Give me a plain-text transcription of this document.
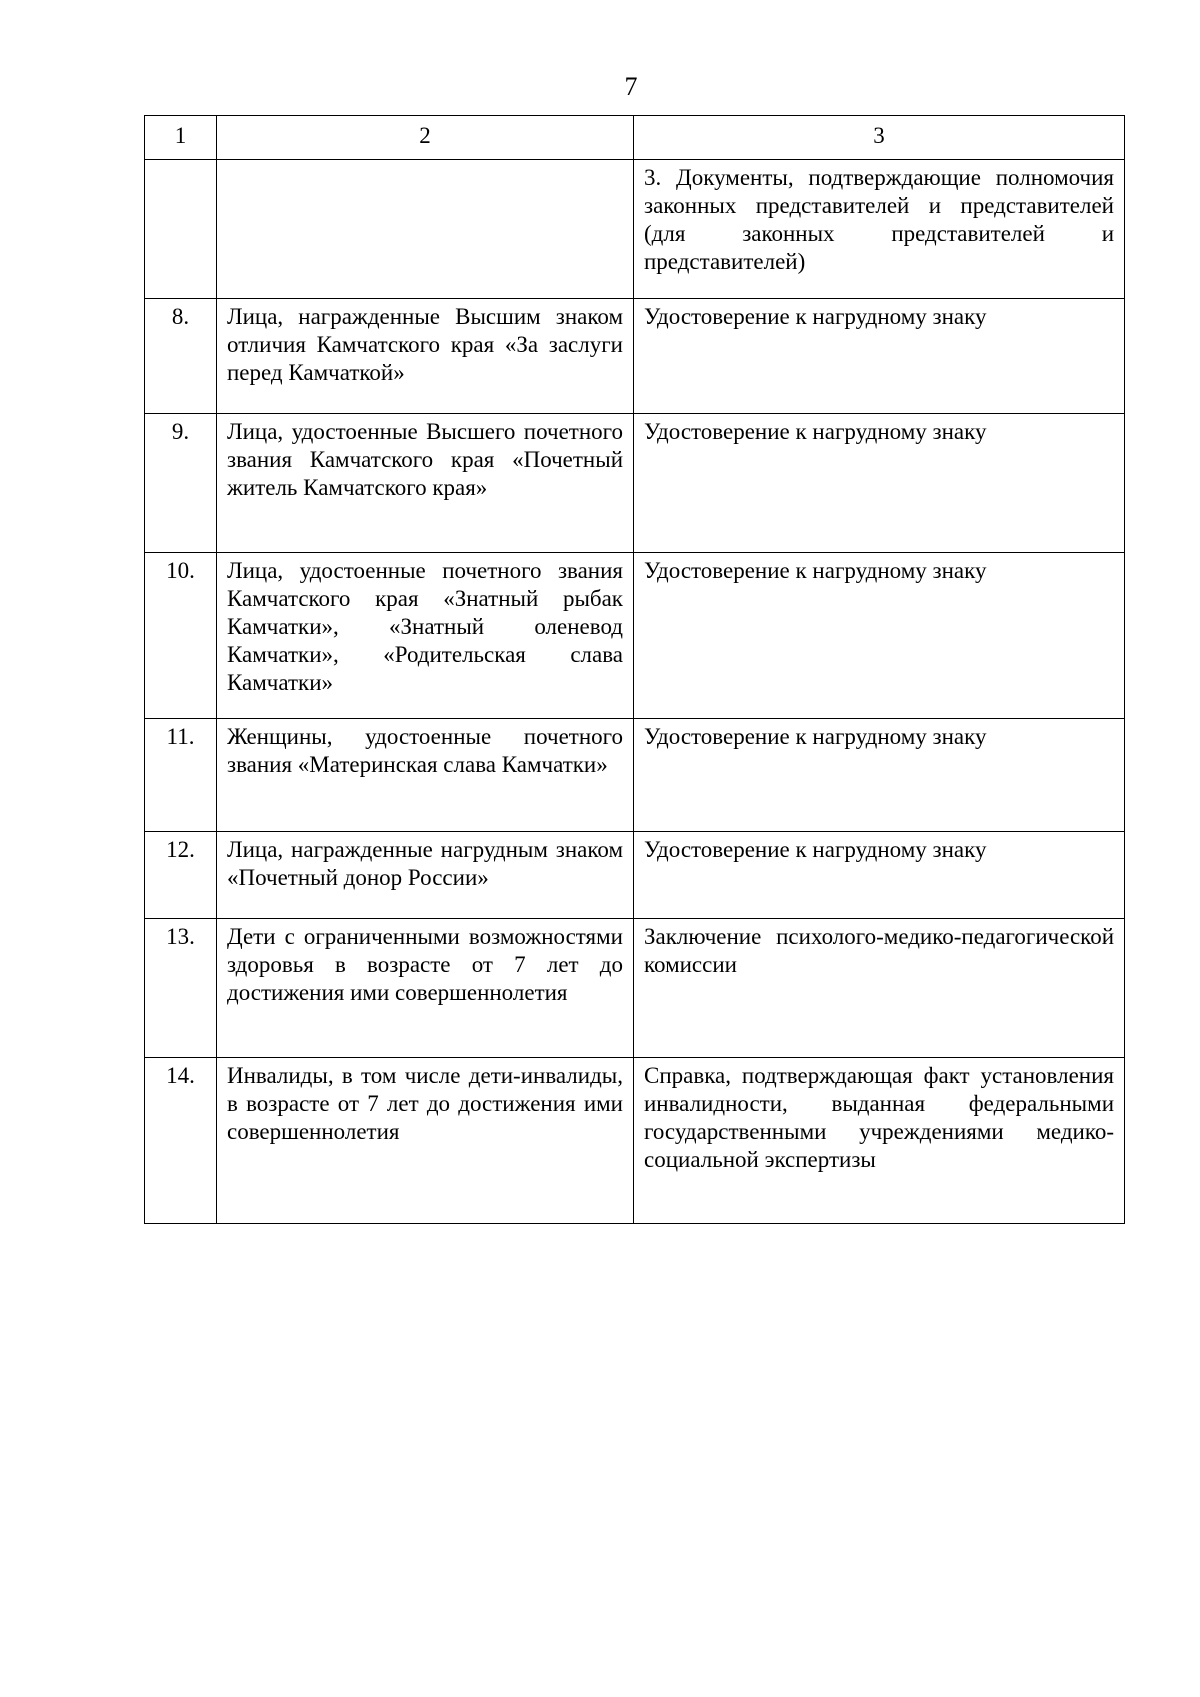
7
1	2	3
		3. Документы, подтверждающие полномочия законных представителей и представителей (для законных представителей и представителей)
8.	Лица, награжденные Высшим знаком отличия Камчатского края «За заслуги перед Камчаткой»	Удостоверение к нагрудному знаку
9.	Лица, удостоенные Высшего почетного звания Камчатского края «Почетный житель Камчатского края»	Удостоверение к нагрудному знаку
10.	Лица, удостоенные почетного звания Камчатского края «Знатный рыбак Камчатки», «Знатный оленевод Камчатки», «Родительская слава Камчатки»	Удостоверение к нагрудному знаку
11.	Женщины, удостоенные почетного звания «Материнская слава Камчатки»	Удостоверение к нагрудному знаку
12.	Лица, награжденные нагрудным знаком «Почетный донор России»	Удостоверение к нагрудному знаку
13.	Дети с ограниченными возможностями здоровья в возрасте от 7 лет до достижения ими совершеннолетия	Заключение психолого-медико-педагогической комиссии
14.	Инвалиды, в том числе дети-инвалиды, в возрасте от 7 лет до достижения ими совершеннолетия	Справка, подтверждающая факт установления инвалидности, выданная федеральными государственными учреждениями медико-социальной экспертизы
